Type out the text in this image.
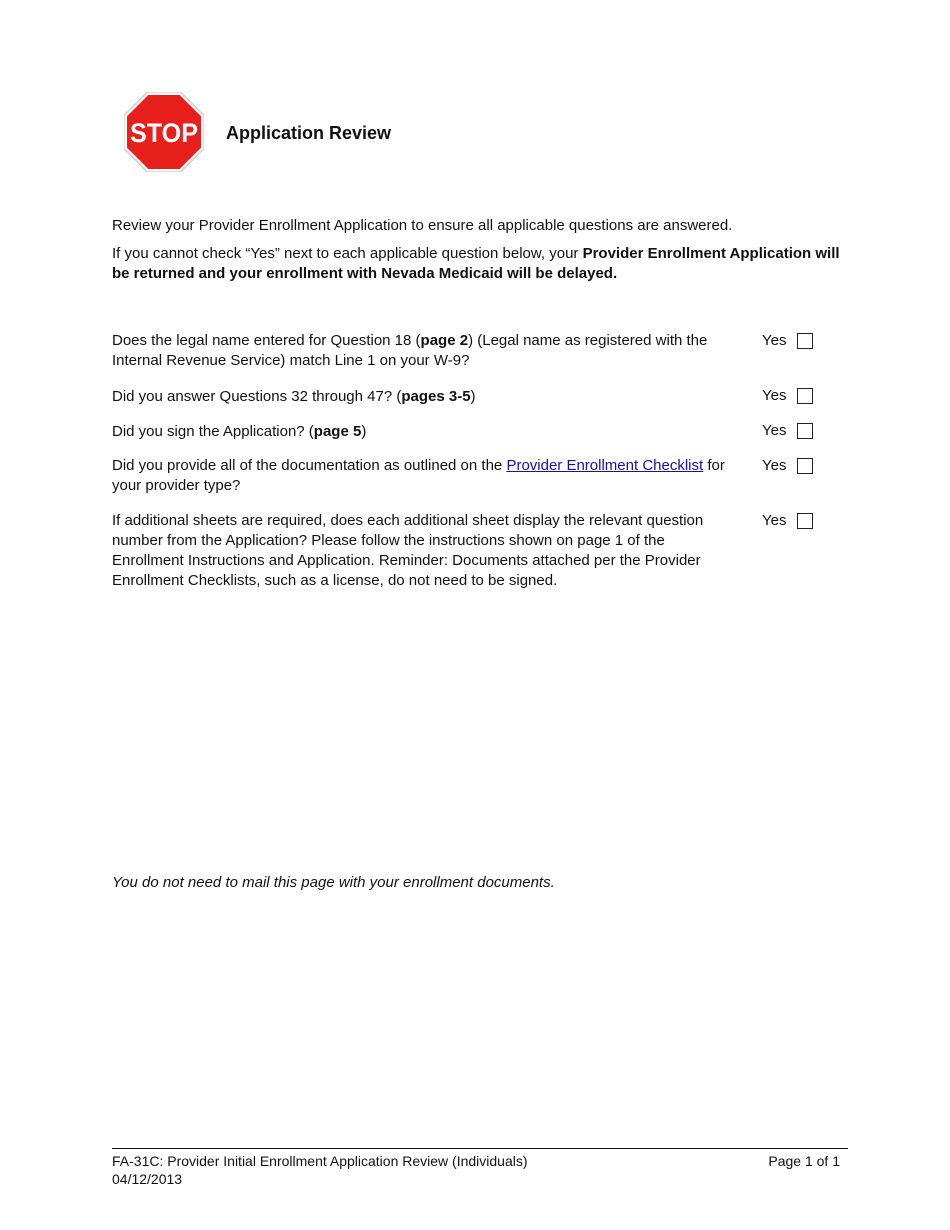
STOP Application Review

Review your Provider Enrollment Application to ensure all applicable questions are answered.

If you cannot check “Yes” next to each applicable question below, your Provider Enrollment Application will be returned and your enrollment with Nevada Medicaid will be delayed.

Does the legal name entered for Question 18 (page 2) (Legal name as registered with the Internal Revenue Service) match Line 1 on your W-9?
Yes
Did you answer Questions 32 through 47? (pages 3-5)	Yes
Did you sign the Application? (page 5)	Yes
Did you provide all of the documentation as outlined on the Provider Enrollment Checklist for your provider type?
Yes
If additional sheets are required, does each additional sheet display the relevant question number from the Application? Please follow the instructions shown on page 1 of the Enrollment Instructions and Application. Reminder: Documents attached per the Provider Enrollment Checklists, such as a license, do not need to be signed.
Yes
You do not need to mail this page with your enrollment documents.
FA-31C: Provider Initial Enrollment Application Review (Individuals)
04/12/2013
Page 1 of 1
